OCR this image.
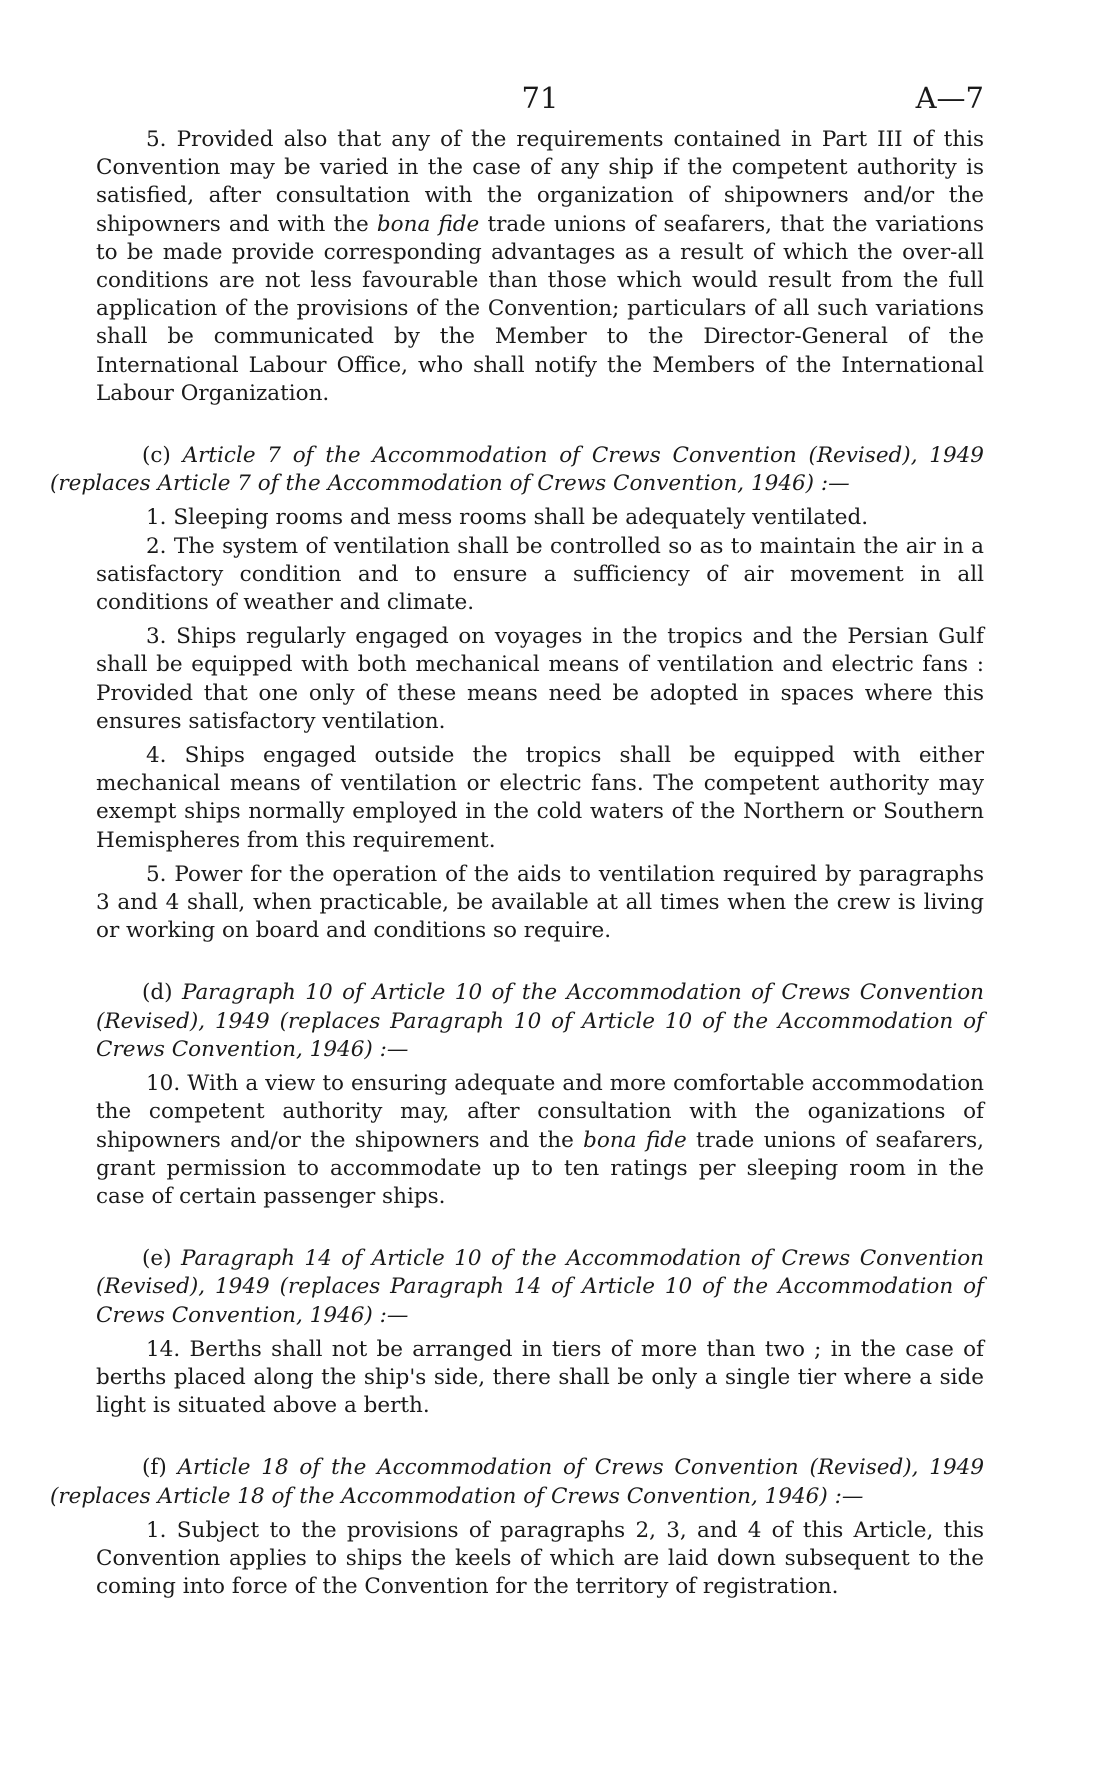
71	A—7

5. Provided also that any of the requirements contained in Part III of this Convention may be varied in the case of any ship if the competent authority is satisfied, after consultation with the organization of shipowners and/or the shipowners and with the bona fide trade unions of seafarers, that the variations to be made provide corresponding advantages as a result of which the over-all conditions are not less favourable than those which would result from the full application of the provisions of the Convention; particulars of all such variations shall be communicated by the Member to the Director-General of the International Labour Office, who shall notify the Members of the International Labour Organization.

(c) Article 7 of the Accommodation of Crews Convention (Revised), 1949 (replaces Article 7 of the Accommodation of Crews Convention, 1946) :—

1. Sleeping rooms and mess rooms shall be adequately ventilated.

2. The system of ventilation shall be controlled so as to maintain the air in a satisfactory condition and to ensure a sufficiency of air movement in all conditions of weather and climate.

3. Ships regularly engaged on voyages in the tropics and the Persian Gulf shall be equipped with both mechanical means of ventilation and electric fans : Provided that one only of these means need be adopted in spaces where this ensures satisfactory ventilation.

4. Ships engaged outside the tropics shall be equipped with either mechanical means of ventilation or electric fans. The competent authority may exempt ships normally employed in the cold waters of the Northern or Southern Hemispheres from this requirement.

5. Power for the operation of the aids to ventilation required by paragraphs 3 and 4 shall, when practicable, be available at all times when the crew is living or working on board and conditions so require.

(d) Paragraph 10 of Article 10 of the Accommodation of Crews Convention (Revised), 1949 (replaces Paragraph 10 of Article 10 of the Accommodation of Crews Convention, 1946) :—

10. With a view to ensuring adequate and more comfortable accommodation the competent authority may, after consultation with the oganizations of shipowners and/or the shipowners and the bona fide trade unions of seafarers, grant permission to accommodate up to ten ratings per sleeping room in the case of certain passenger ships.

(e) Paragraph 14 of Article 10 of the Accommodation of Crews Convention (Revised), 1949 (replaces Paragraph 14 of Article 10 of the Accommodation of Crews Convention, 1946) :—

14. Berths shall not be arranged in tiers of more than two ; in the case of berths placed along the ship's side, there shall be only a single tier where a side light is situated above a berth.

(f) Article 18 of the Accommodation of Crews Convention (Revised), 1949 (replaces Article 18 of the Accommodation of Crews Convention, 1946) :—

1. Subject to the provisions of paragraphs 2, 3, and 4 of this Article, this Convention applies to ships the keels of which are laid down subsequent to the coming into force of the Convention for the territory of registration.
